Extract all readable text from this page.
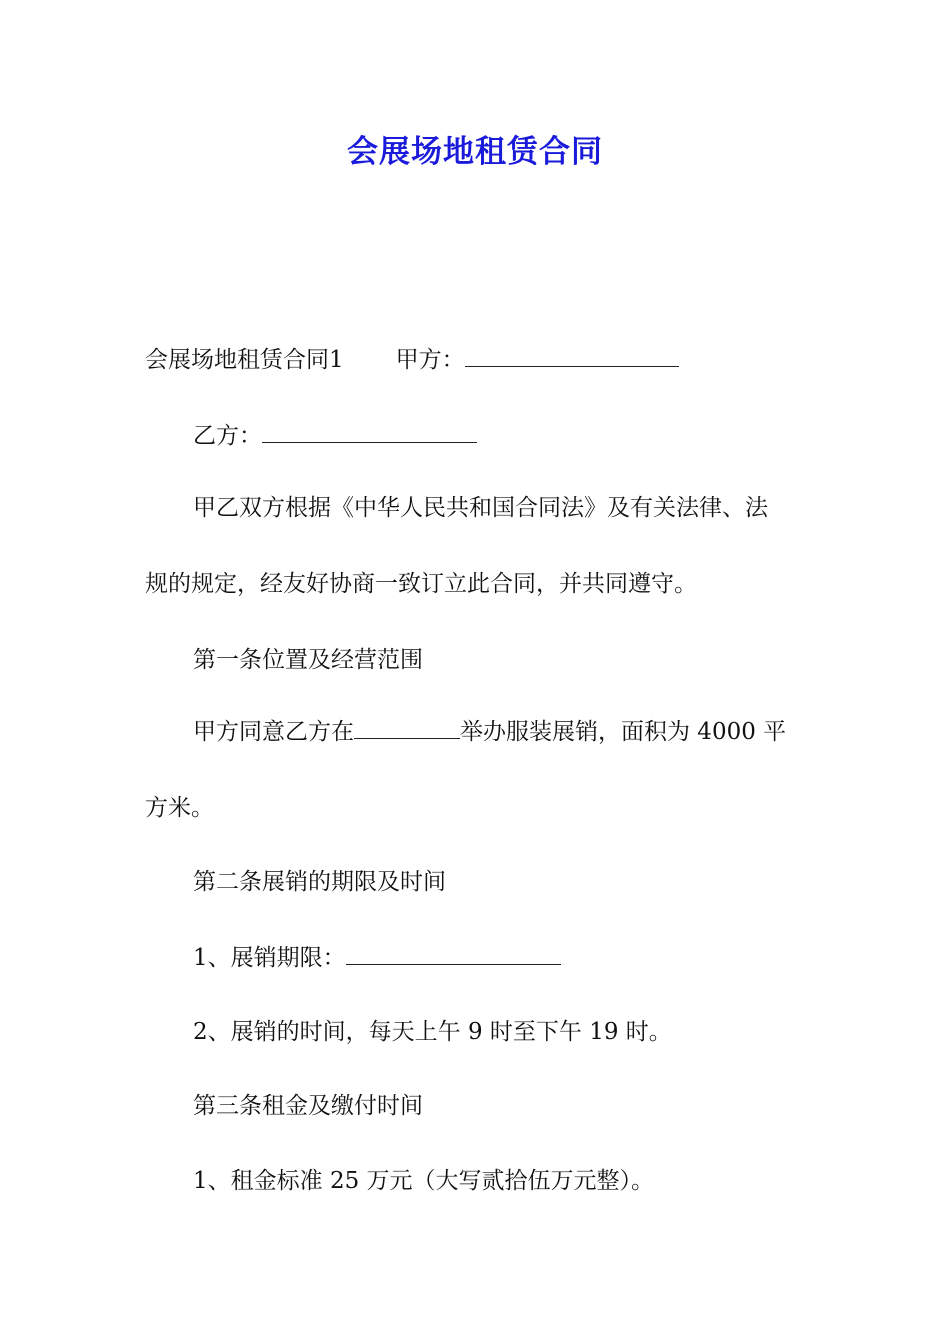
会展场地租赁合同
会展场地租赁合同1 甲方：
乙方：
甲乙双方根据《中华人民共和国合同法》及有关法律、法
规的规定，经友好协商一致订立此合同，并共同遵守。
第一条位置及经营范围
甲方同意乙方在	举办服装展销，面积为 4000 平
方米。
第二条展销的期限及时间
1、展销期限：
2、展销的时间，每天上午 9 时至下午 19 时。
第三条租金及缴付时间
1、租金标准 25 万元（大写贰拾伍万元整）。
